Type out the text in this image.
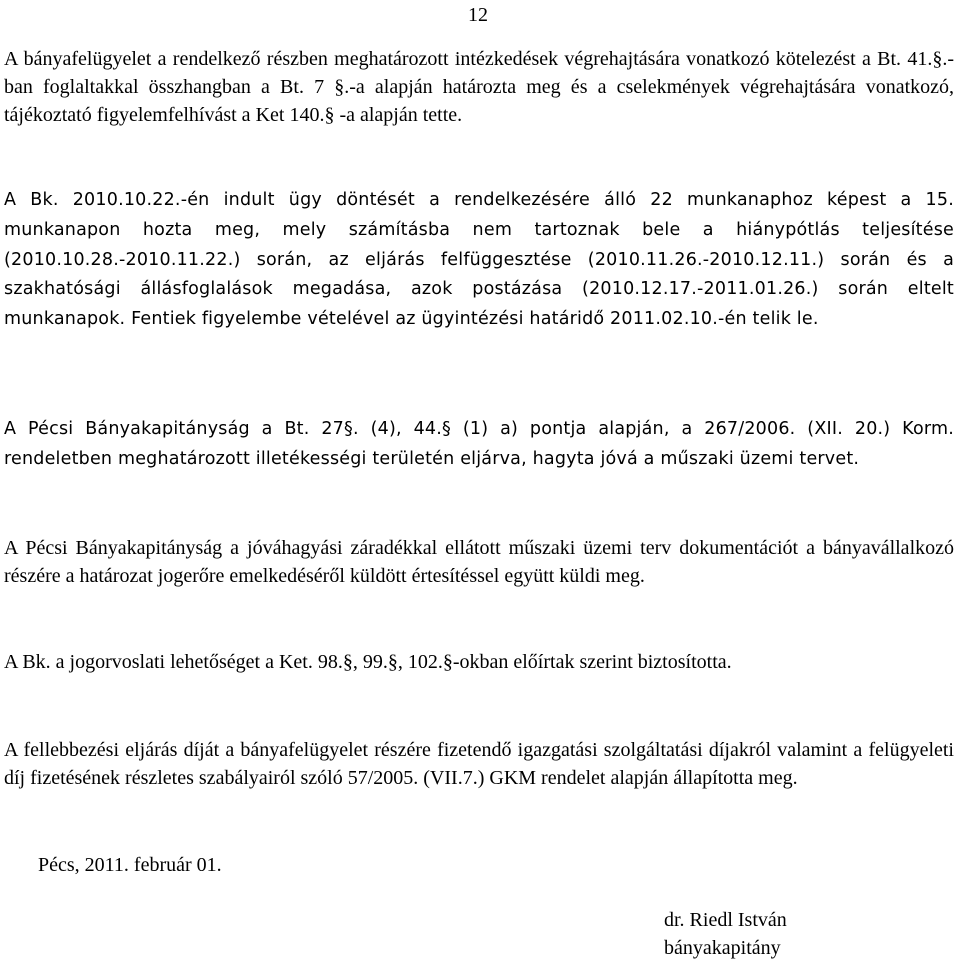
12

A bányafelügyelet a rendelkező részben meghatározott intézkedések végrehajtására vonatkozó kötelezést a Bt. 41.§.-ban foglaltakkal összhangban a Bt. 7 §.-a alapján határozta meg és a cselekmények végrehajtására vonatkozó, tájékoztató figyelemfelhívást a Ket 140.§ -a alapján tette.

A Bk. 2010.10.22.-én indult ügy döntését a rendelkezésére álló 22 munkanaphoz képest a 15. munkanapon hozta meg, mely számításba nem tartoznak bele a hiánypótlás teljesítése (2010.10.28.-2010.11.22.) során, az eljárás felfüggesztése (2010.11.26.-2010.12.11.) során és a szakhatósági állásfoglalások megadása, azok postázása (2010.12.17.-2011.01.26.) során eltelt munkanapok. Fentiek figyelembe vételével az ügyintézési határidő 2011.02.10.-én telik le.

A Pécsi Bányakapitányság a Bt. 27§. (4), 44.§ (1) a) pontja alapján, a 267/2006. (XII. 20.) Korm. rendeletben meghatározott illetékességi területén eljárva, hagyta jóvá a műszaki üzemi tervet.

A Pécsi Bányakapitányság a jóváhagyási záradékkal ellátott műszaki üzemi terv dokumentációt a bányavállalkozó részére a határozat jogerőre emelkedéséről küldött értesítéssel együtt küldi meg.

A Bk. a jogorvoslati lehetőséget a Ket. 98.§, 99.§, 102.§-okban előírtak szerint biztosította.

A fellebbezési eljárás díját a bányafelügyelet részére fizetendő igazgatási szolgáltatási díjakról valamint a felügyeleti díj fizetésének részletes szabályairól szóló 57/2005. (VII.7.) GKM rendelet alapján állapította meg.

Pécs, 2011. február 01.

dr. Riedl István
bányakapitány
